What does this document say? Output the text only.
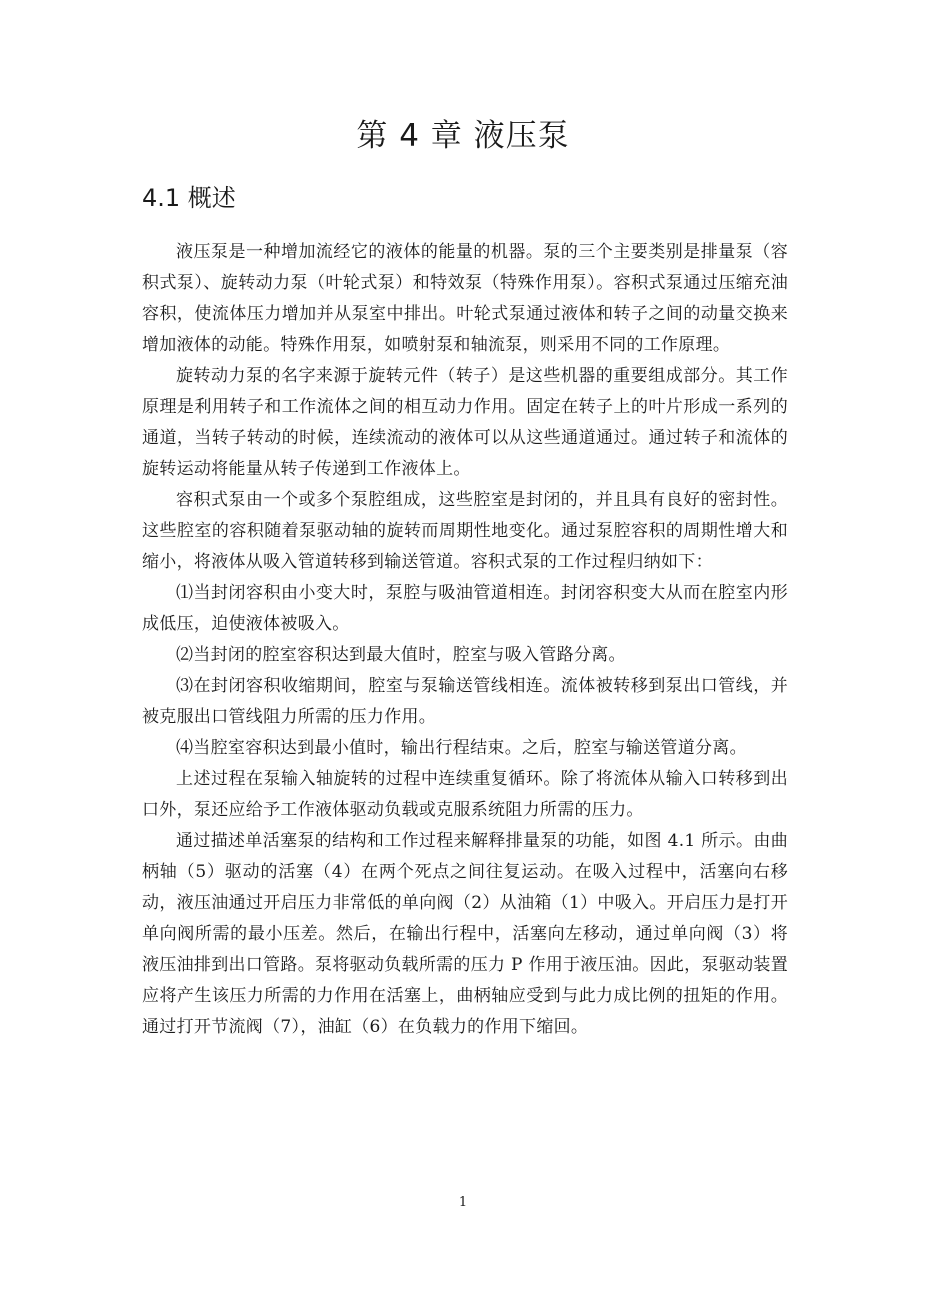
第 4 章 液压泵
4.1 概述

液压泵是一种增加流经它的液体的能量的机器。泵的三个主要类别是排量泵（容积式泵）、旋转动力泵（叶轮式泵）和特效泵（特殊作用泵）。容积式泵通过压缩充油容积，使流体压力增加并从泵室中排出。叶轮式泵通过液体和转子之间的动量交换来增加液体的动能。特殊作用泵，如喷射泵和轴流泵，则采用不同的工作原理。

旋转动力泵的名字来源于旋转元件（转子）是这些机器的重要组成部分。其工作原理是利用转子和工作流体之间的相互动力作用。固定在转子上的叶片形成一系列的通道，当转子转动的时候，连续流动的液体可以从这些通道通过。通过转子和流体的旋转运动将能量从转子传递到工作液体上。

容积式泵由一个或多个泵腔组成，这些腔室是封闭的，并且具有良好的密封性。这些腔室的容积随着泵驱动轴的旋转而周期性地变化。通过泵腔容积的周期性增大和缩小，将液体从吸入管道转移到输送管道。容积式泵的工作过程归纳如下：

⑴当封闭容积由小变大时，泵腔与吸油管道相连。封闭容积变大从而在腔室内形成低压，迫使液体被吸入。

⑵当封闭的腔室容积达到最大值时，腔室与吸入管路分离。

⑶在封闭容积收缩期间，腔室与泵输送管线相连。流体被转移到泵出口管线，并被克服出口管线阻力所需的压力作用。

⑷当腔室容积达到最小值时，输出行程结束。之后，腔室与输送管道分离。

上述过程在泵输入轴旋转的过程中连续重复循环。除了将流体从输入口转移到出口外，泵还应给予工作液体驱动负载或克服系统阻力所需的压力。

通过描述单活塞泵的结构和工作过程来解释排量泵的功能，如图 4.1 所示。由曲柄轴（5）驱动的活塞（4）在两个死点之间往复运动。在吸入过程中，活塞向右移动，液压油通过开启压力非常低的单向阀（2）从油箱（1）中吸入。开启压力是打开单向阀所需的最小压差。然后，在输出行程中，活塞向左移动，通过单向阀（3）将液压油排到出口管路。泵将驱动负载所需的压力 P 作用于液压油。因此，泵驱动装置应将产生该压力所需的力作用在活塞上，曲柄轴应受到与此力成比例的扭矩的作用。通过打开节流阀（7），油缸（6）在负载力的作用下缩回。

1
